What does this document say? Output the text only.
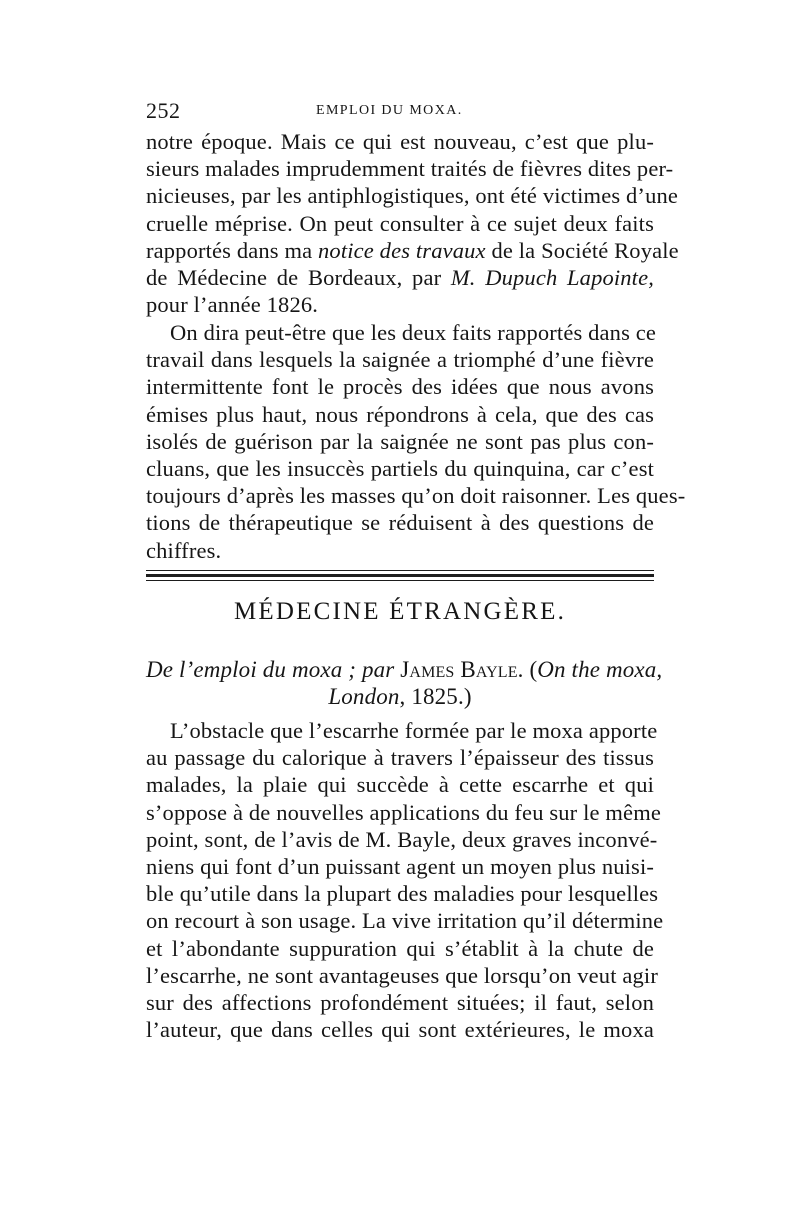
252	EMPLOI DU MOXA.
notre époque. Mais ce qui est nouveau, c’est que plu-
sieurs malades imprudemment traités de fièvres dites per-
nicieuses, par les antiphlogistiques, ont été victimes d’une
cruelle méprise. On peut consulter à ce sujet deux faits
rapportés dans ma notice des travaux de la Société Royale
de Médecine de Bordeaux, par M. Dupuch Lapointe,
pour l’année 1826.
On dira peut-être que les deux faits rapportés dans ce
travail dans lesquels la saignée a triomphé d’une fièvre
intermittente font le procès des idées que nous avons
émises plus haut, nous répondrons à cela, que des cas
isolés de guérison par la saignée ne sont pas plus con-
cluans, que les insuccès partiels du quinquina, car c’est
toujours d’après les masses qu’on doit raisonner. Les ques-
tions de thérapeutique se réduisent à des questions de
chiffres.
MÉDECINE ÉTRANGÈRE.
De l’emploi du moxa ; par James Bayle. (On the moxa,
London, 1825.)
L’obstacle que l’escarrhe formée par le moxa apporte
au passage du calorique à travers l’épaisseur des tissus
malades, la plaie qui succède à cette escarrhe et qui
s’oppose à de nouvelles applications du feu sur le même
point, sont, de l’avis de M. Bayle, deux graves inconvé-
niens qui font d’un puissant agent un moyen plus nuisi-
ble qu’utile dans la plupart des maladies pour lesquelles
on recourt à son usage. La vive irritation qu’il détermine
et l’abondante suppuration qui s’établit à la chute de
l’escarrhe, ne sont avantageuses que lorsqu’on veut agir
sur des affections profondément situées; il faut, selon
l’auteur, que dans celles qui sont extérieures, le moxa
